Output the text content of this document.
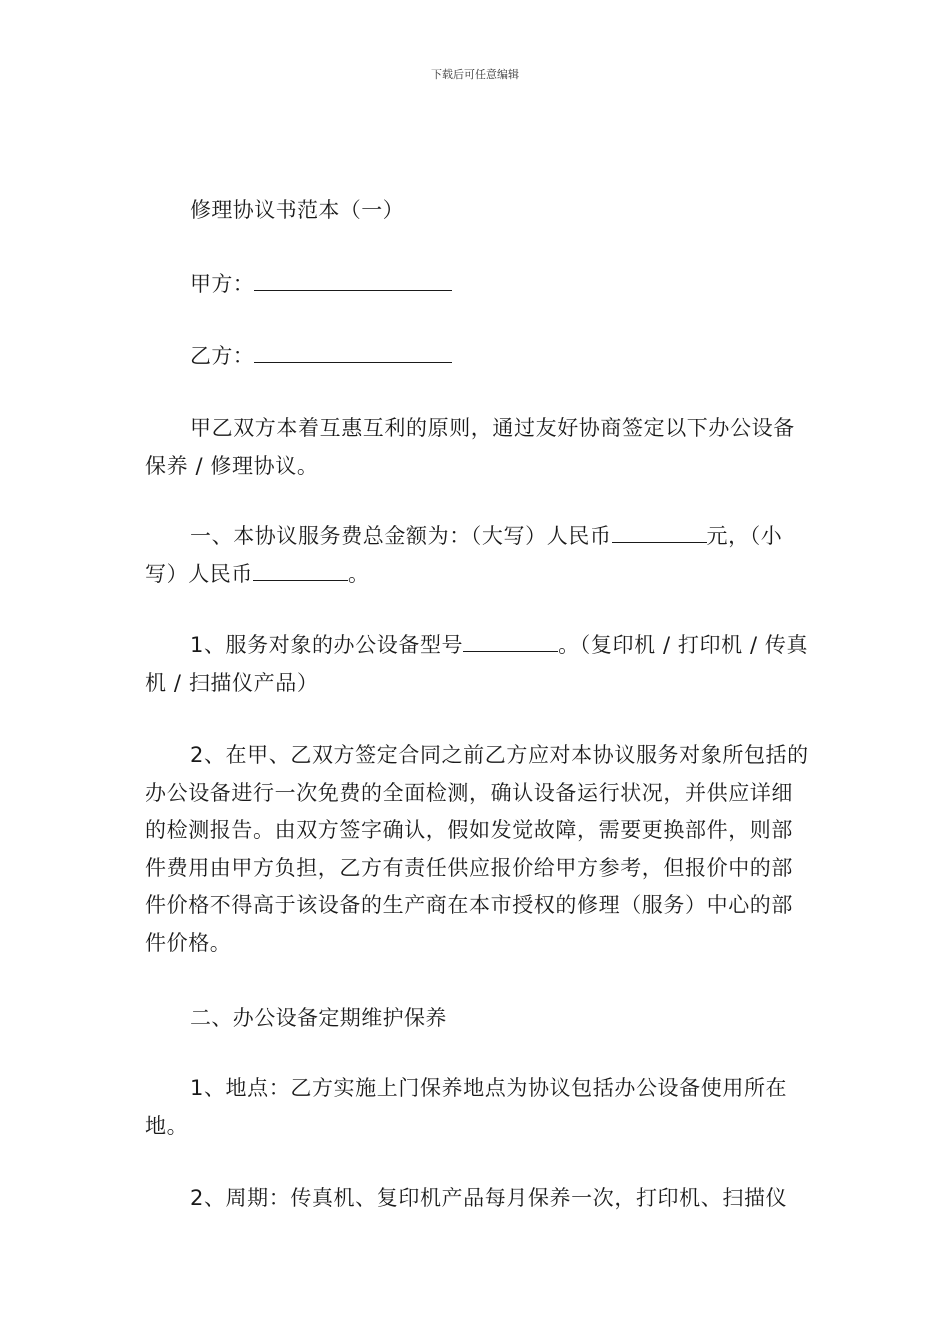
下载后可任意编辑
修理协议书范本（一）
甲方：
乙方：
甲乙双方本着互惠互利的原则，通过友好协商签定以下办公设备保养 / 修理协议。
一、本协议服务费总金额为：（大写）人民币	元，（小写）人民币	。
1、服务对象的办公设备型号	。（复印机 / 打印机 / 传真机 / 扫描仪产品）
2、在甲、乙双方签定合同之前乙方应对本协议服务对象所包括的办公设备进行一次免费的全面检测，确认设备运行状况，并供应详细的检测报告。由双方签字确认，假如发觉故障，需要更换部件，则部件费用由甲方负担，乙方有责任供应报价给甲方参考，但报价中的部件价格不得高于该设备的生产商在本市授权的修理（服务）中心的部件价格。
二、办公设备定期维护保养
1、地点：乙方实施上门保养地点为协议包括办公设备使用所在地。
2、周期：传真机、复印机产品每月保养一次，打印机、扫描仪
